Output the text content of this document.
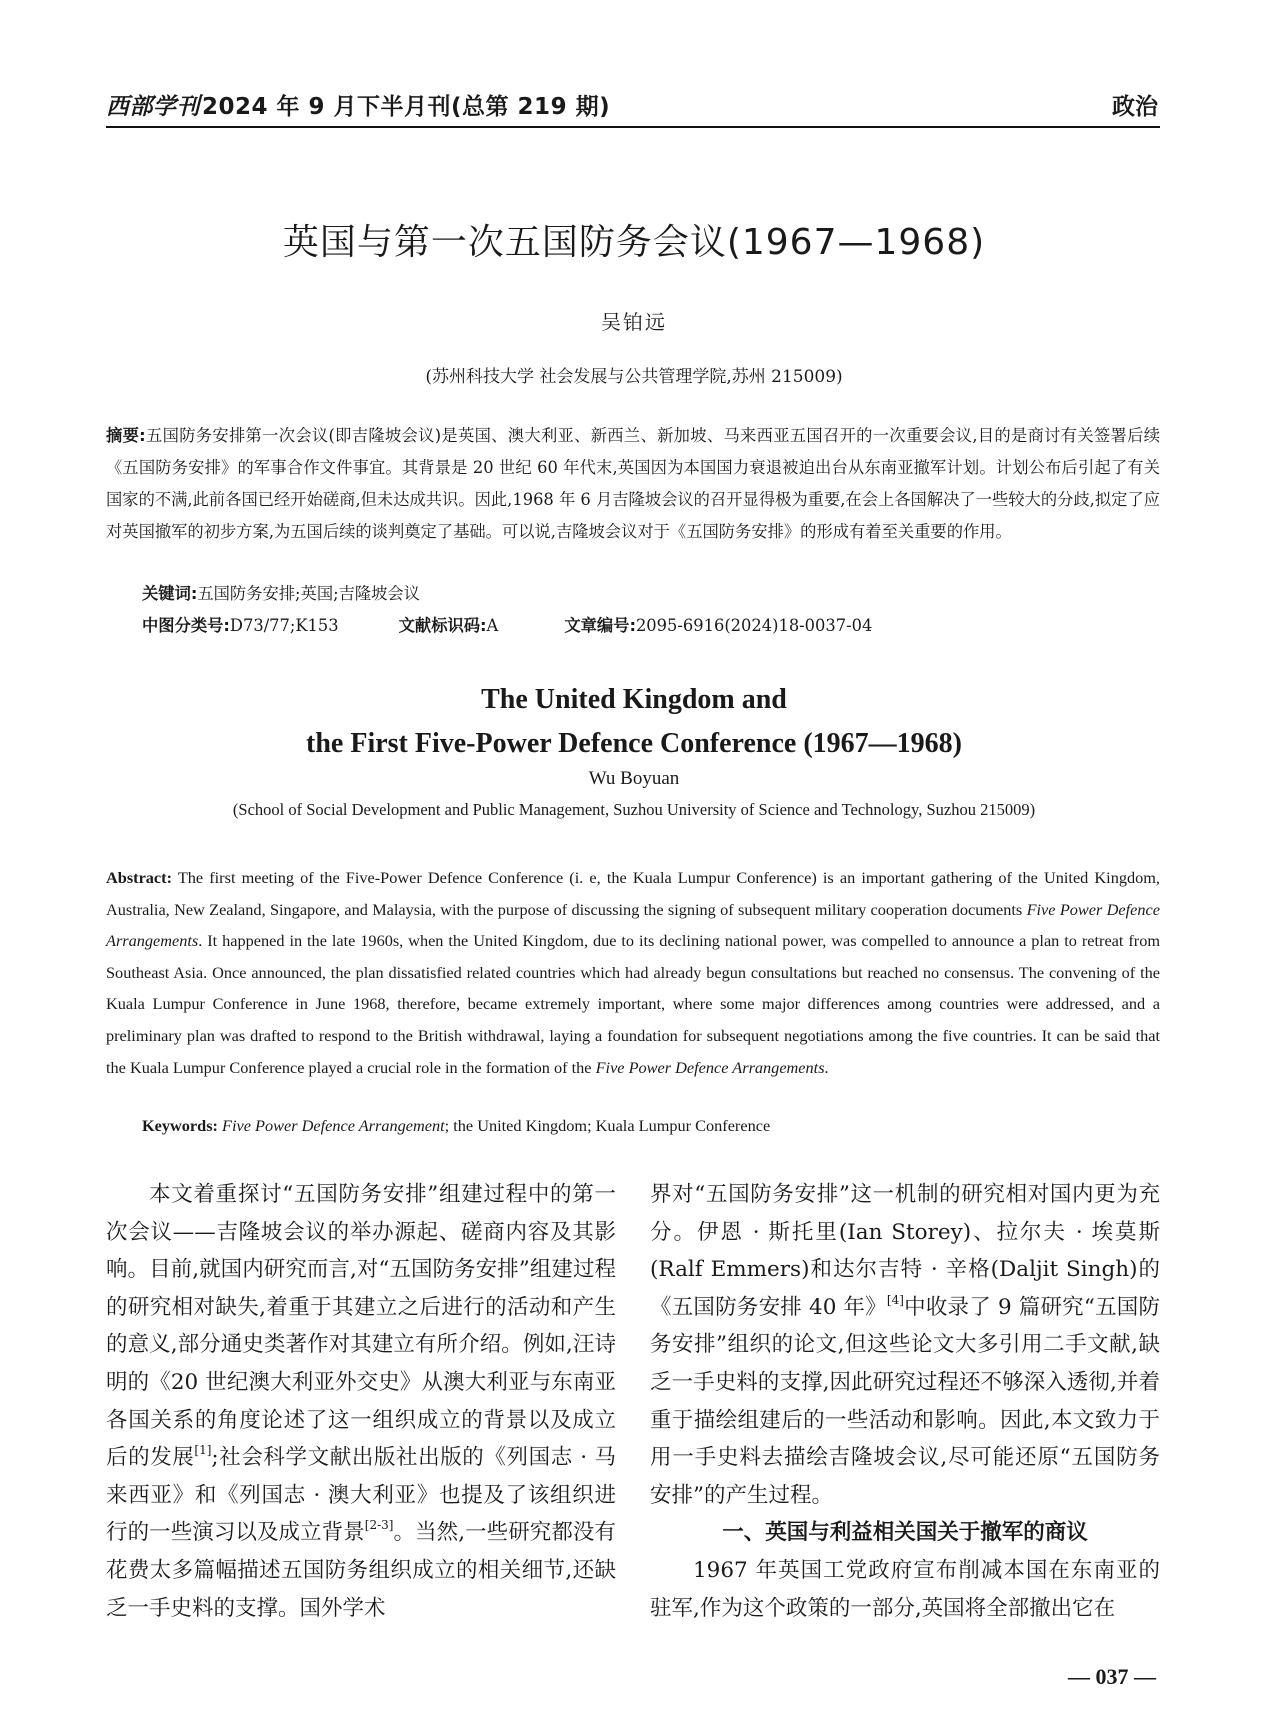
西部学刊2024 年 9 月下半月刊(总第 219 期)	政治
英国与第一次五国防务会议(1967—1968)
吴铂远
(苏州科技大学 社会发展与公共管理学院,苏州 215009)
摘要:五国防务安排第一次会议(即吉隆坡会议)是英国、澳大利亚、新西兰、新加坡、马来西亚五国召开的一次重要会议,目的是商讨有关签署后续《五国防务安排》的军事合作文件事宜。其背景是 20 世纪 60 年代末,英国因为本国国力衰退被迫出台从东南亚撤军计划。计划公布后引起了有关国家的不满,此前各国已经开始磋商,但未达成共识。因此,1968 年 6 月吉隆坡会议的召开显得极为重要,在会上各国解决了一些较大的分歧,拟定了应对英国撤军的初步方案,为五国后续的谈判奠定了基础。可以说,吉隆坡会议对于《五国防务安排》的形成有着至关重要的作用。
关键词:五国防务安排;英国;吉隆坡会议
中图分类号:D73/77;K153	文献标识码:A	文章编号:2095-6916(2024)18-0037-04
The United Kingdom and
the First Five-Power Defence Conference (1967—1968)
Wu Boyuan
(School of Social Development and Public Management, Suzhou University of Science and Technology, Suzhou 215009)
Abstract: The first meeting of the Five-Power Defence Conference (i. e, the Kuala Lumpur Conference) is an important gathering of the United Kingdom, Australia, New Zealand, Singapore, and Malaysia, with the purpose of discussing the signing of subsequent military cooperation documents Five Power Defence Arrangements. It happened in the late 1960s, when the United Kingdom, due to its declining national power, was compelled to announce a plan to retreat from Southeast Asia. Once announced, the plan dissatisfied related countries which had already begun consultations but reached no consensus. The convening of the Kuala Lumpur Conference in June 1968, therefore, became extremely important, where some major differences among countries were addressed, and a preliminary plan was drafted to respond to the British withdrawal, laying a foundation for subsequent negotiations among the five countries. It can be said that the Kuala Lumpur Conference played a crucial role in the formation of the Five Power Defence Arrangements.
Keywords: Five Power Defence Arrangement; the United Kingdom; Kuala Lumpur Conference

本文着重探讨“五国防务安排”组建过程中的第一次会议——吉隆坡会议的举办源起、磋商内容及其影响。目前,就国内研究而言,对“五国防务安排”组建过程的研究相对缺失,着重于其建立之后进行的活动和产生的意义,部分通史类著作对其建立有所介绍。例如,汪诗明的《20 世纪澳大利亚外交史》从澳大利亚与东南亚各国关系的角度论述了这一组织成立的背景以及成立后的发展[1];社会科学文献出版社出版的《列国志 · 马来西亚》和《列国志 · 澳大利亚》也提及了该组织进行的一些演习以及成立背景[2-3]。当然,一些研究都没有花费太多篇幅描述五国防务组织成立的相关细节,还缺乏一手史料的支撑。国外学术

界对“五国防务安排”这一机制的研究相对国内更为充分。伊恩 · 斯托里(Ian Storey)、拉尔夫 · 埃莫斯(Ralf Emmers)和达尔吉特 · 辛格(Daljit Singh)的《五国防务安排 40 年》[4]中收录了 9 篇研究“五国防务安排”组织的论文,但这些论文大多引用二手文献,缺乏一手史料的支撑,因此研究过程还不够深入透彻,并着重于描绘组建后的一些活动和影响。因此,本文致力于用一手史料去描绘吉隆坡会议,尽可能还原“五国防务安排”的产生过程。

一、英国与利益相关国关于撤军的商议

1967 年英国工党政府宣布削减本国在东南亚的驻军,作为这个政策的一部分,英国将全部撤出它在

— 037 —
